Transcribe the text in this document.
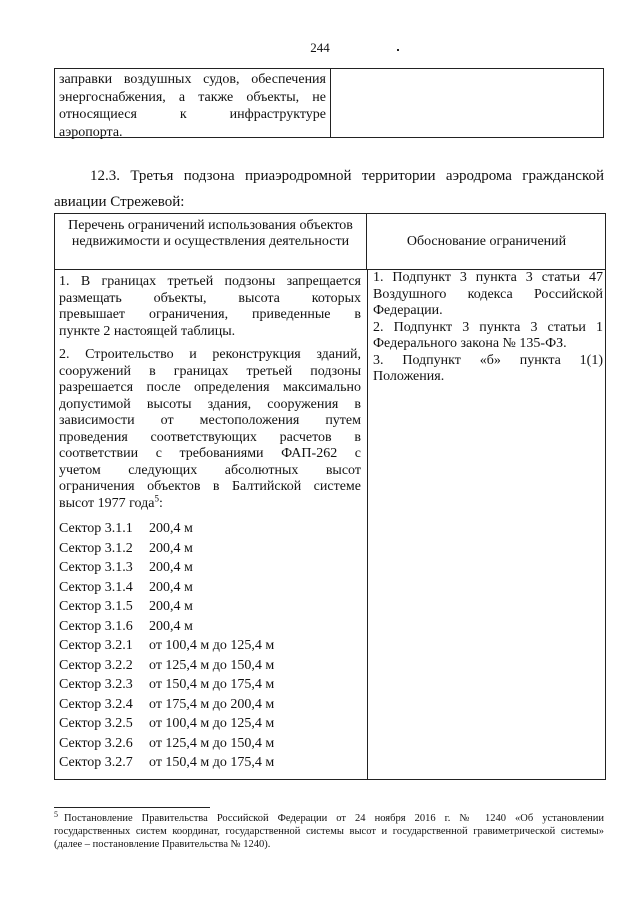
244
заправки воздушных судов, обеспечения
энергоснабжения, а также объекты, не
относящиеся к инфраструктуре
аэропорта.
12.3. Третья подзона приаэродромной территории аэродрома гражданской
авиации Стрежевой:
Перечень ограничений использования объектов недвижимости и осуществления деятельности	Обоснование ограничений

1. В границах третьей подзоны запрещается
размещать объекты, высота которых
превышает ограничения, приведенные в
пункте 2 настоящей таблицы.

2. Строительство и реконструкция зданий,
сооружений в границах третьей подзоны
разрешается после определения максимально
допустимой высоты здания, сооружения в
зависимости от местоположения путем
проведения соответствующих расчетов в
соответствии с требованиями ФАП-262 с
учетом следующих абсолютных высот
ограничения объектов в Балтийской системе
высот 1977 года$^5$:

Сектор 3.1.1 200,4 м
Сектор 3.1.2 200,4 м
Сектор 3.1.3 200,4 м
Сектор 3.1.4 200,4 м
Сектор 3.1.5 200,4 м
Сектор 3.1.6 200,4 м
Сектор 3.2.1 от 100,4 м до 125,4 м
Сектор 3.2.2 от 125,4 м до 150,4 м
Сектор 3.2.3 от 150,4 м до 175,4 м
Сектор 3.2.4 от 175,4 м до 200,4 м
Сектор 3.2.5 от 100,4 м до 125,4 м
Сектор 3.2.6 от 125,4 м до 150,4 м
Сектор 3.2.7 от 150,4 м до 175,4 м
1. Подпункт 3 пункта 3 статьи 47
Воздушного кодекса Российской
Федерации.
2. Подпункт 3 пункта 3 статьи 1
Федерального закона № 135-ФЗ.
3. Подпункт «б» пункта 1(1)
Положения.
$^5$ Постановление Правительства Российской Федерации от 24 ноября 2016 г. № 1240 «Об установлении
государственных систем координат, государственной системы высот и государственной гравиметрической системы»
(далее – постановление Правительства № 1240).
